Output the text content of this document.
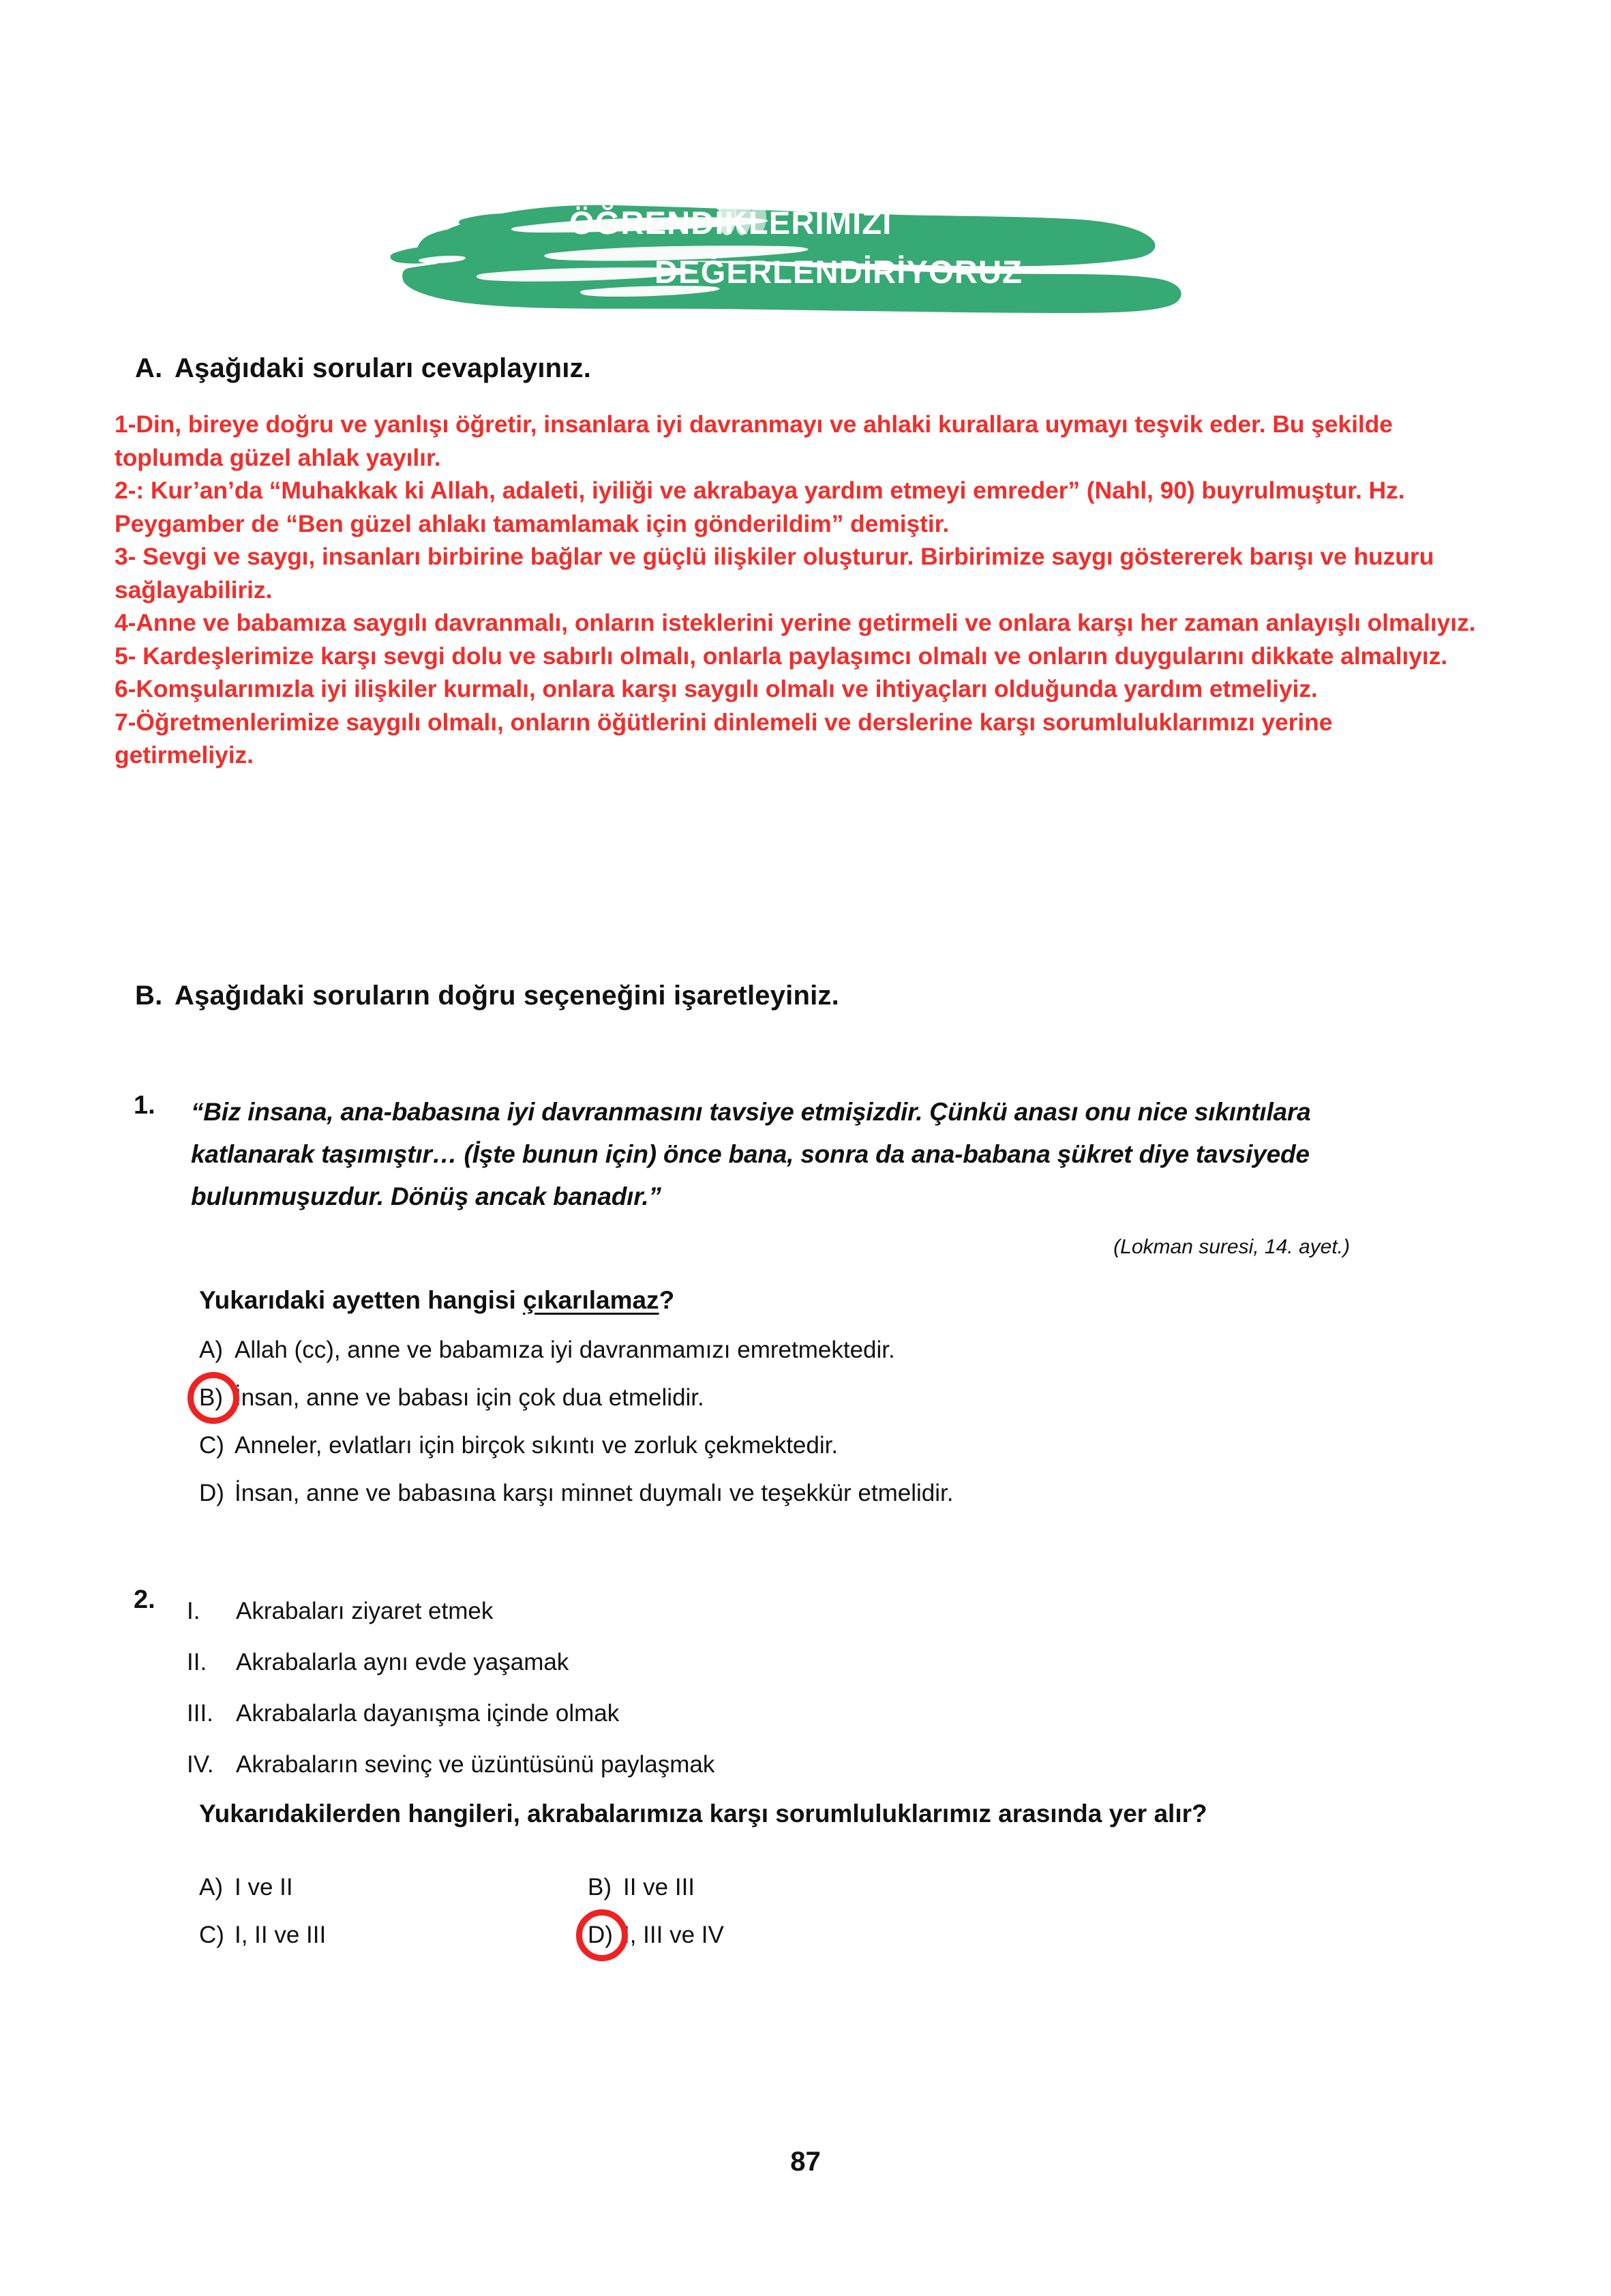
ÖĞRENDİKLERİMİZİ
DEĞERLENDİRİYORUZ
A. Aşağıdaki soruları cevaplayınız.

1-Din, bireye doğru ve yanlışı öğretir, insanlara iyi davranmayı ve ahlaki kurallara uymayı teşvik eder. Bu şekilde toplumda güzel ahlak yayılır.

2-: Kur’an’da “Muhakkak ki Allah, adaleti, iyiliği ve akrabaya yardım etmeyi emreder” (Nahl, 90) buyrulmuştur. Hz. Peygamber de “Ben güzel ahlakı tamamlamak için gönderildim” demiştir.

3- Sevgi ve saygı, insanları birbirine bağlar ve güçlü ilişkiler oluşturur. Birbirimize saygı göstererek barışı ve huzuru sağlayabiliriz.

4-Anne ve babamıza saygılı davranmalı, onların isteklerini yerine getirmeli ve onlara karşı her zaman anlayışlı olmalıyız.

5- Kardeşlerimize karşı sevgi dolu ve sabırlı olmalı, onlarla paylaşımcı olmalı ve onların duygularını dikkate almalıyız.

6-Komşularımızla iyi ilişkiler kurmalı, onlara karşı saygılı olmalı ve ihtiyaçları olduğunda yardım etmeliyiz.

7-Öğretmenlerimize saygılı olmalı, onların öğütlerini dinlemeli ve derslerine karşı sorumluluklarımızı yerine getirmeliyiz.

B. Aşağıdaki soruların doğru seçeneğini işaretleyiniz.
1. “Biz insana, ana-babasına iyi davranmasını tavsiye etmişizdir. Çünkü anası onu nice sıkıntılara katlanarak taşımıştır… (İşte bunun için) önce bana, sonra da ana-babana şükret diye tavsiyede bulunmuşuzdur. Dönüş ancak banadır.”
(Lokman suresi, 14. ayet.)
Yukarıdaki ayetten hangisi çıkarılamaz?
A) Allah (cc), anne ve babamıza iyi davranmamızı emretmektedir.
B) İnsan, anne ve babası için çok dua etmelidir.
C) Anneler, evlatları için birçok sıkıntı ve zorluk çekmektedir.
D) İnsan, anne ve babasına karşı minnet duymalı ve teşekkür etmelidir.
2. I. Akrabaları ziyaret etmek
II. Akrabalarla aynı evde yaşamak
III. Akrabalarla dayanışma içinde olmak
IV. Akrabaların sevinç ve üzüntüsünü paylaşmak
Yukarıdakilerden hangileri, akrabalarımıza karşı sorumluluklarımız arasında yer alır?
A) I ve II	B) II ve III
C) I, II ve III	D) I, III ve IV
87
